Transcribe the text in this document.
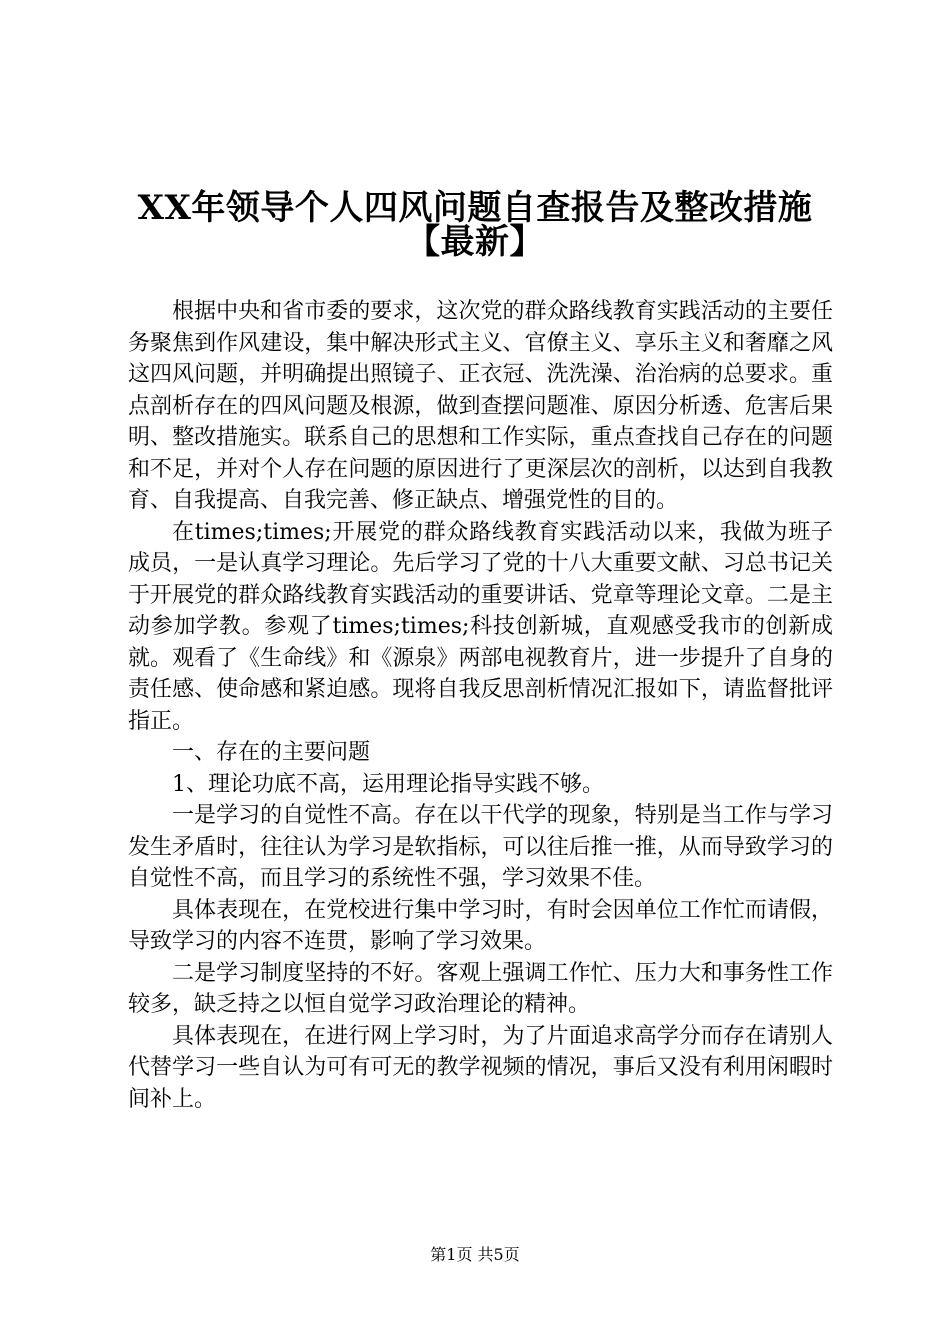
XX年领导个人四风问题自查报告及整改措施
【最新】

根据中央和省市委的要求，这次党的群众路线教育实践活动的主要任务聚焦到作风建设，集中解决形式主义、官僚主义、享乐主义和奢靡之风这四风问题，并明确提出照镜子、正衣冠、洗洗澡、治治病的总要求。重点剖析存在的四风问题及根源，做到查摆问题准、原因分析透、危害后果明、整改措施实。联系自己的思想和工作实际，重点查找自己存在的问题和不足，并对个人存在问题的原因进行了更深层次的剖析，以达到自我教育、自我提高、自我完善、修正缺点、增强党性的目的。

在times;times;开展党的群众路线教育实践活动以来，我做为班子成员，一是认真学习理论。先后学习了党的十八大重要文献、习总书记关于开展党的群众路线教育实践活动的重要讲话、党章等理论文章。二是主动参加学教。参观了times;times;科技创新城，直观感受我市的创新成就。观看了《生命线》和《源泉》两部电视教育片，进一步提升了自身的责任感、使命感和紧迫感。现将自我反思剖析情况汇报如下，请监督批评指正。

一、存在的主要问题

1、理论功底不高，运用理论指导实践不够。

一是学习的自觉性不高。存在以干代学的现象，特别是当工作与学习发生矛盾时，往往认为学习是软指标，可以往后推一推，从而导致学习的自觉性不高，而且学习的系统性不强，学习效果不佳。

具体表现在，在党校进行集中学习时，有时会因单位工作忙而请假，导致学习的内容不连贯，影响了学习效果。

二是学习制度坚持的不好。客观上强调工作忙、压力大和事务性工作较多，缺乏持之以恒自觉学习政治理论的精神。

具体表现在，在进行网上学习时，为了片面追求高学分而存在请别人代替学习一些自认为可有可无的教学视频的情况，事后又没有利用闲暇时间补上。

第1页 共5页
